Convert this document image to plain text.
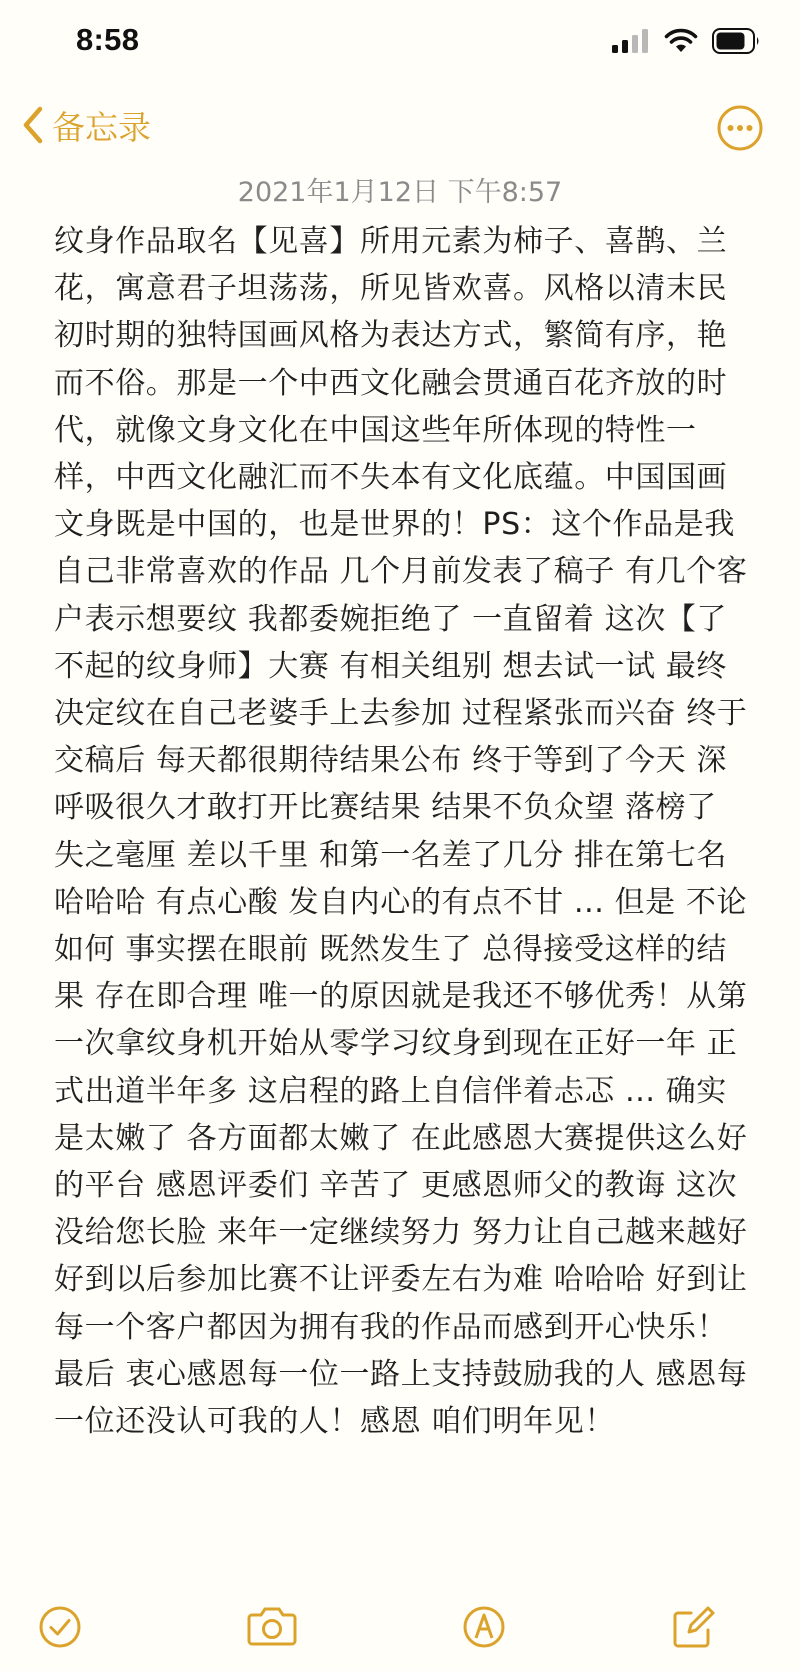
8:58
备忘录
2021年1月12日 下午8:57
纹身作品取名【见喜】所用元素为柿子、喜鹊、兰花，寓意君子坦荡荡，所见皆欢喜。风格以清末民初时期的独特国画风格为表达方式，繁简有序，艳而不俗。那是一个中西文化融会贯通百花齐放的时代，就像文身文化在中国这些年所体现的特性一样，中西文化融汇而不失本有文化底蕴。中国国画文身既是中国的，也是世界的！PS：这个作品是我自己非常喜欢的作品 几个月前发表了稿子 有几个客户表示想要纹 我都委婉拒绝了 一直留着 这次【了不起的纹身师】大赛 有相关组别 想去试一试 最终决定纹在自己老婆手上去参加 过程紧张而兴奋 终于交稿后 每天都很期待结果公布 终于等到了今天 深呼吸很久才敢打开比赛结果 结果不负众望 落榜了 失之毫厘 差以千里 和第一名差了几分 排在第七名 哈哈哈 有点心酸 发自内心的有点不甘 ... 但是 不论如何 事实摆在眼前 既然发生了 总得接受这样的结果 存在即合理 唯一的原因就是我还不够优秀！从第一次拿纹身机开始从零学习纹身到现在正好一年 正式出道半年多 这启程的路上自信伴着忐忑 ... 确实是太嫩了 各方面都太嫩了 在此感恩大赛提供这么好的平台 感恩评委们 辛苦了 更感恩师父的教诲 这次没给您长脸 来年一定继续努力 努力让自己越来越好 好到以后参加比赛不让评委左右为难 哈哈哈 好到让每一个客户都因为拥有我的作品而感到开心快乐！ 最后 衷心感恩每一位一路上支持鼓励我的人 感恩每一位还没认可我的人！感恩 咱们明年见！
